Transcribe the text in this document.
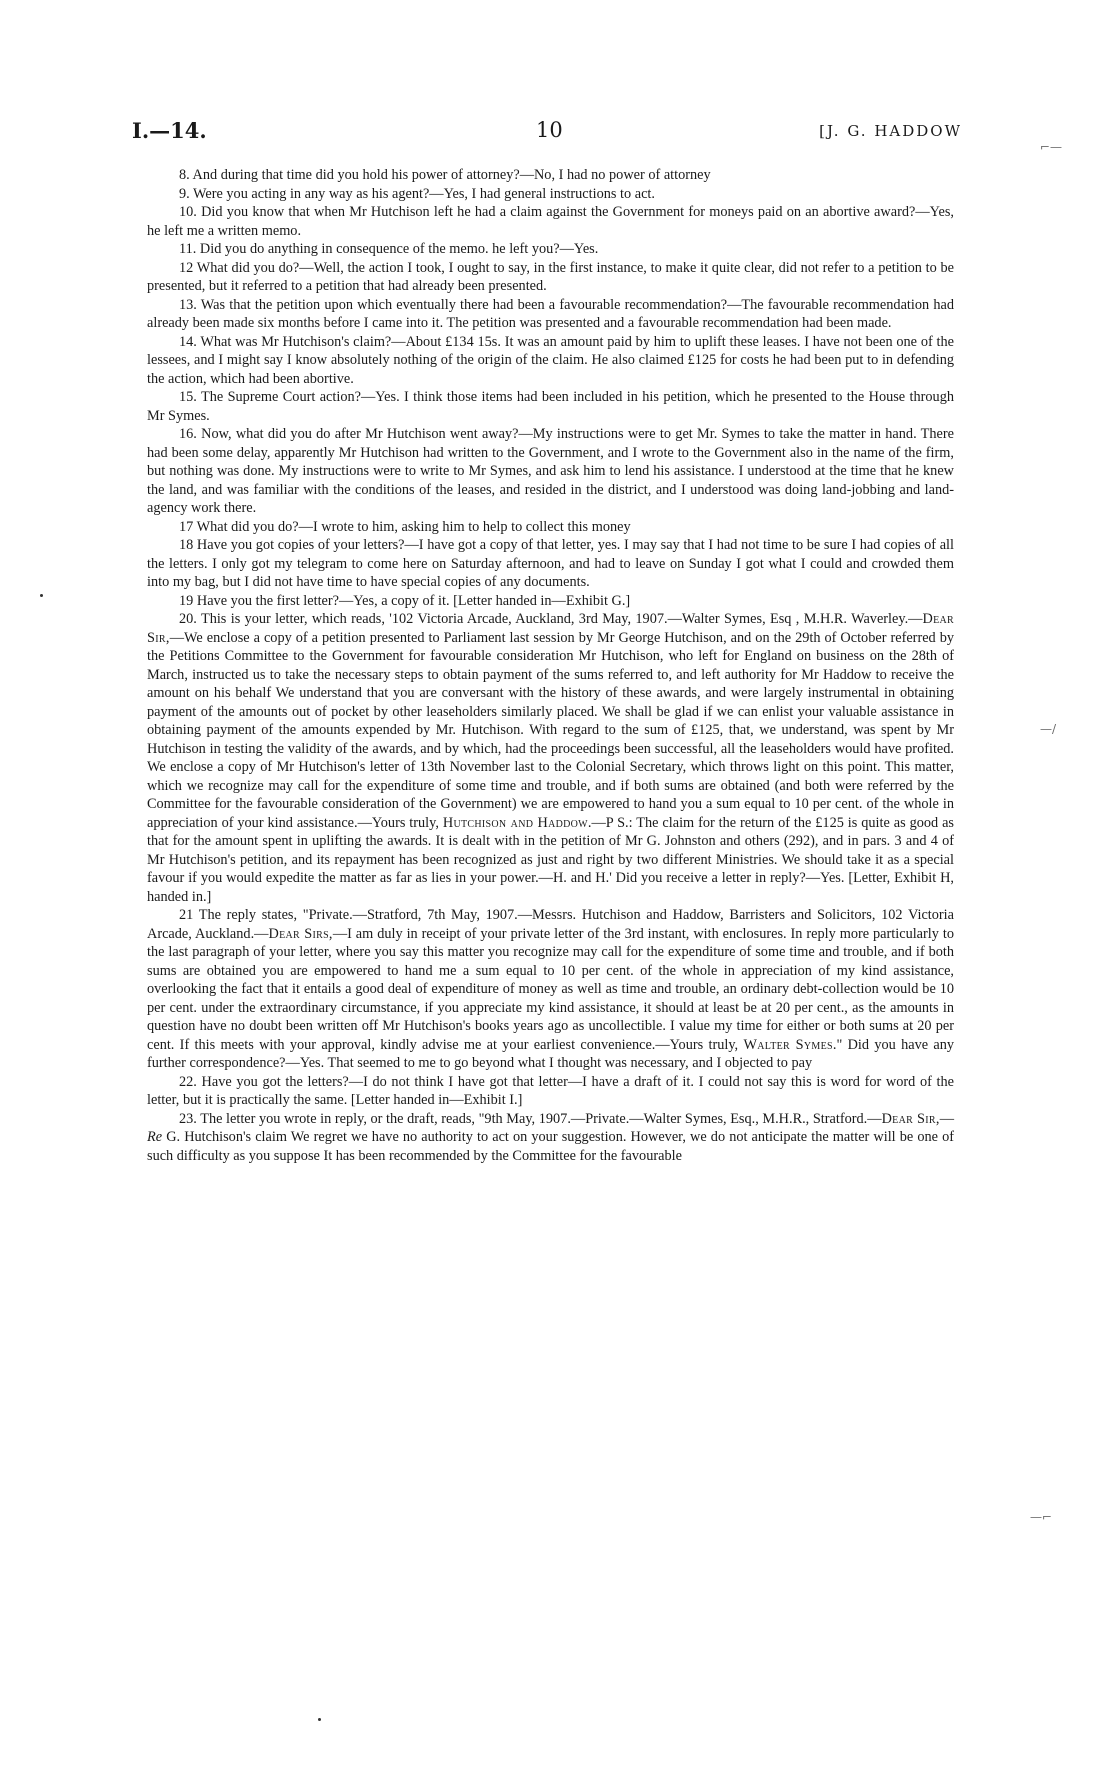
I.—14.	10	[J. G. HADDOW
⌐—
—/
—⌐

8. And during that time did you hold his power of attorney?—No, I had no power of attorney

9. Were you acting in any way as his agent?—Yes, I had general instructions to act.

10. Did you know that when Mr Hutchison left he had a claim against the Government for moneys paid on an abortive award?—Yes, he left me a written memo.

11. Did you do anything in consequence of the memo. he left you?—Yes.

12 What did you do?—Well, the action I took, I ought to say, in the first instance, to make it quite clear, did not refer to a petition to be presented, but it referred to a petition that had already been presented.

13. Was that the petition upon which eventually there had been a favourable recommendation?—The favourable recommendation had already been made six months before I came into it. The petition was presented and a favourable recommendation had been made.

14. What was Mr Hutchison's claim?—About £134 15s. It was an amount paid by him to uplift these leases. I have not been one of the lessees, and I might say I know absolutely nothing of the origin of the claim. He also claimed £125 for costs he had been put to in defending the action, which had been abortive.

15. The Supreme Court action?—Yes. I think those items had been included in his petition, which he presented to the House through Mr Symes.

16. Now, what did you do after Mr Hutchison went away?—My instructions were to get Mr. Symes to take the matter in hand. There had been some delay, apparently Mr Hutchison had written to the Government, and I wrote to the Government also in the name of the firm, but nothing was done. My instructions were to write to Mr Symes, and ask him to lend his assistance. I understood at the time that he knew the land, and was familiar with the conditions of the leases, and resided in the district, and I understood was doing land-jobbing and land-agency work there.

17 What did you do?—I wrote to him, asking him to help to collect this money

18 Have you got copies of your letters?—I have got a copy of that letter, yes. I may say that I had not time to be sure I had copies of all the letters. I only got my telegram to come here on Saturday afternoon, and had to leave on Sunday I got what I could and crowded them into my bag, but I did not have time to have special copies of any documents.

19 Have you the first letter?—Yes, a copy of it. [Letter handed in—Exhibit G.]

20. This is your letter, which reads, '102 Victoria Arcade, Auckland, 3rd May, 1907.—Walter Symes, Esq , M.H.R. Waverley.—Dear Sir,—We enclose a copy of a petition presented to Parliament last session by Mr George Hutchison, and on the 29th of October referred by the Petitions Committee to the Government for favourable consideration Mr Hutchison, who left for England on business on the 28th of March, instructed us to take the necessary steps to obtain payment of the sums referred to, and left authority for Mr Haddow to receive the amount on his behalf We understand that you are conversant with the history of these awards, and were largely instrumental in obtaining payment of the amounts out of pocket by other leaseholders similarly placed. We shall be glad if we can enlist your valuable assistance in obtaining payment of the amounts expended by Mr. Hutchison. With regard to the sum of £125, that, we understand, was spent by Mr Hutchison in testing the validity of the awards, and by which, had the proceedings been successful, all the leaseholders would have profited. We enclose a copy of Mr Hutchison's letter of 13th November last to the Colonial Secretary, which throws light on this point. This matter, which we recognize may call for the expenditure of some time and trouble, and if both sums are obtained (and both were referred by the Committee for the favourable consideration of the Government) we are empowered to hand you a sum equal to 10 per cent. of the whole in appreciation of your kind assistance.—Yours truly, Hutchison and Haddow.—P S.: The claim for the return of the £125 is quite as good as that for the amount spent in uplifting the awards. It is dealt with in the petition of Mr G. Johnston and others (292), and in pars. 3 and 4 of Mr Hutchison's petition, and its repayment has been recognized as just and right by two different Ministries. We should take it as a special favour if you would expedite the matter as far as lies in your power.—H. and H.' Did you receive a letter in reply?—Yes. [Letter, Exhibit H, handed in.]

21 The reply states, "Private.—Stratford, 7th May, 1907.—Messrs. Hutchison and Haddow, Barristers and Solicitors, 102 Victoria Arcade, Auckland.—Dear Sirs,—I am duly in receipt of your private letter of the 3rd instant, with enclosures. In reply more particularly to the last paragraph of your letter, where you say this matter you recognize may call for the expenditure of some time and trouble, and if both sums are obtained you are empowered to hand me a sum equal to 10 per cent. of the whole in appreciation of my kind assistance, overlooking the fact that it entails a good deal of expenditure of money as well as time and trouble, an ordinary debt-collection would be 10 per cent. under the extraordinary circumstance, if you appreciate my kind assistance, it should at least be at 20 per cent., as the amounts in question have no doubt been written off Mr Hutchison's books years ago as uncollectible. I value my time for either or both sums at 20 per cent. If this meets with your approval, kindly advise me at your earliest convenience.—Yours truly, Walter Symes." Did you have any further correspondence?—Yes. That seemed to me to go beyond what I thought was necessary, and I objected to pay

22. Have you got the letters?—I do not think I have got that letter—I have a draft of it. I could not say this is word for word of the letter, but it is practically the same. [Letter handed in—Exhibit I.]

23. The letter you wrote in reply, or the draft, reads, "9th May, 1907.—Private.—Walter Symes, Esq., M.H.R., Stratford.—Dear Sir,—Re G. Hutchison's claim We regret we have no authority to act on your suggestion. However, we do not anticipate the matter will be one of such difficulty as you suppose It has been recommended by the Committee for the favourable
